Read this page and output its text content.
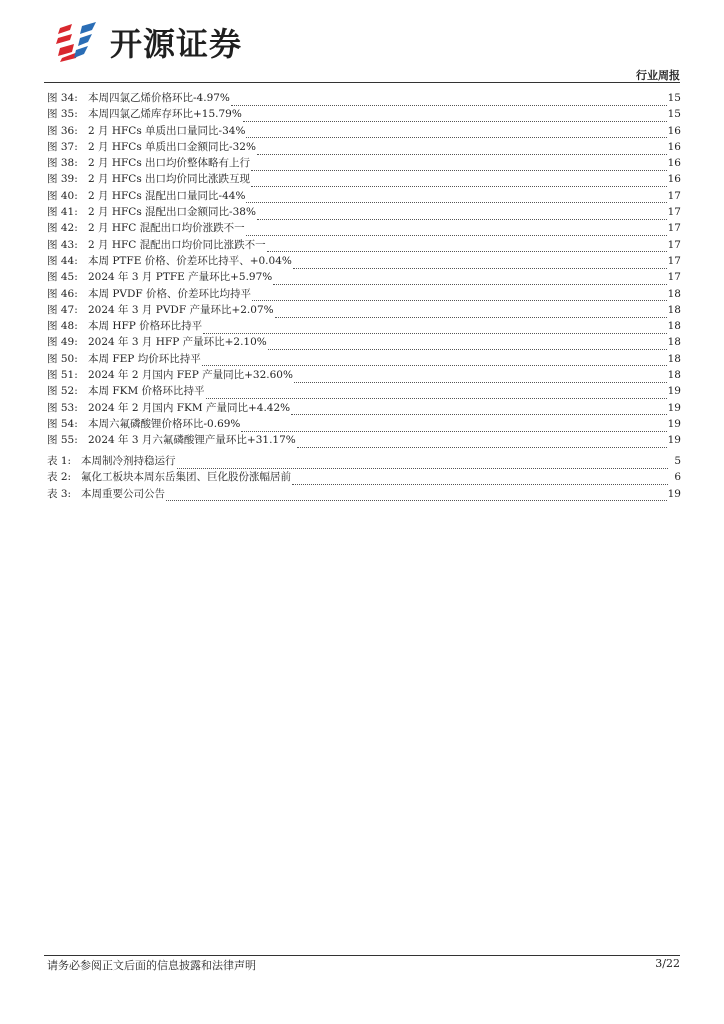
开源证券
行业周报
图 34: 本周四氯乙烯价格环比-4.97%	15
图 35: 本周四氯乙烯库存环比+15.79%	15
图 36: 2 月 HFCs 单质出口量同比-34%	16
图 37: 2 月 HFCs 单质出口金额同比-32%	16
图 38: 2 月 HFCs 出口均价整体略有上行	16
图 39: 2 月 HFCs 出口均价同比涨跌互现	16
图 40: 2 月 HFCs 混配出口量同比-44%	17
图 41: 2 月 HFCs 混配出口金额同比-38%	17
图 42: 2 月 HFC 混配出口均价涨跌不一	17
图 43: 2 月 HFC 混配出口均价同比涨跌不一	17
图 44: 本周 PTFE 价格、价差环比持平、+0.04%	17
图 45: 2024 年 3 月 PTFE 产量环比+5.97%	17
图 46: 本周 PVDF 价格、价差环比均持平	18
图 47: 2024 年 3 月 PVDF 产量环比+2.07%	18
图 48: 本周 HFP 价格环比持平	18
图 49: 2024 年 3 月 HFP 产量环比+2.10%	18
图 50: 本周 FEP 均价环比持平	18
图 51: 2024 年 2 月国内 FEP 产量同比+32.60%	18
图 52: 本周 FKM 价格环比持平	19
图 53: 2024 年 2 月国内 FKM 产量同比+4.42%	19
图 54: 本周六氟磷酸锂价格环比-0.69%	19
图 55: 2024 年 3 月六氟磷酸锂产量环比+31.17%	19
表 1: 本周制冷剂持稳运行	5
表 2: 氟化工板块本周东岳集团、巨化股份涨幅居前	6
表 3: 本周重要公司公告	19
请务必参阅正文后面的信息披露和法律声明	3/22
